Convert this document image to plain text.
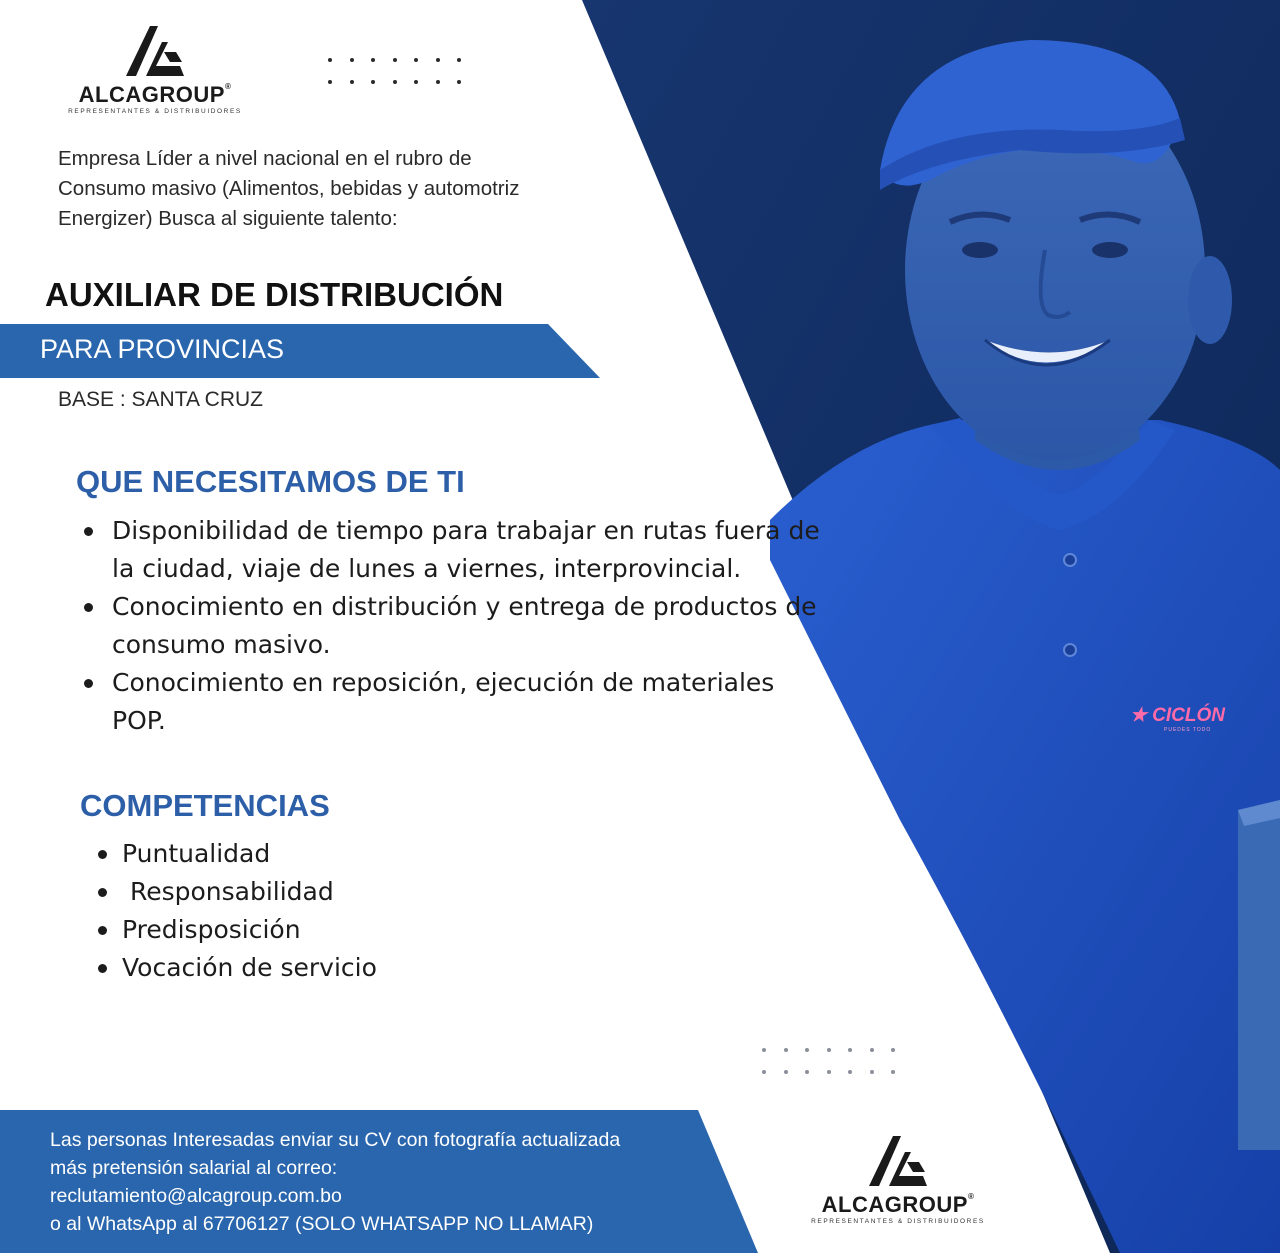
★ CICLÓN
PUEDES TODO
ALCAGROUP®
REPRESENTANTES & DISTRIBUIDORES
Empresa Líder a nivel nacional en el rubro de
Consumo masivo (Alimentos, bebidas y automotriz
Energizer) Busca al siguiente talento:
AUXILIAR DE DISTRIBUCIÓN
PARA PROVINCIAS
BASE : SANTA CRUZ
QUE NECESITAMOS DE TI
Disponibilidad de tiempo para trabajar en rutas fuera de la ciudad, viaje de lunes a viernes, interprovincial.
Conocimiento en distribución y entrega de productos de consumo masivo.
Conocimiento en reposición, ejecución de materiales POP.
COMPETENCIAS
Puntualidad
Responsabilidad
Predisposición
Vocación de servicio

Las personas Interesadas enviar su CV con fotografía actualizada

más pretensión salarial al correo:

reclutamiento@alcagroup.com.bo

o al WhatsApp al 67706127 (SOLO WHATSAPP NO LLAMAR)

ALCAGROUP®
REPRESENTANTES & DISTRIBUIDORES
